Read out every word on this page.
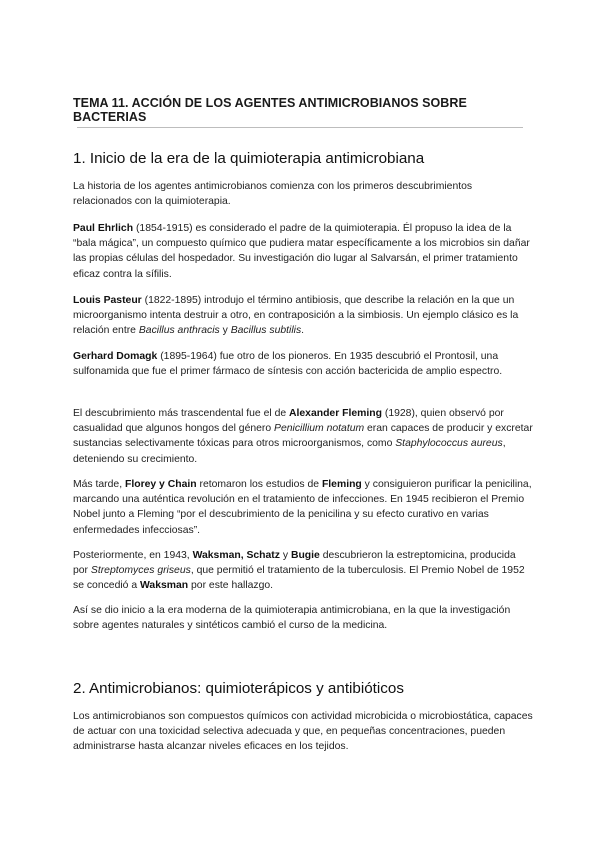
TEMA 11. ACCIÓN DE LOS AGENTES ANTIMICROBIANOS SOBRE BACTERIAS
1. Inicio de la era de la quimioterapia antimicrobiana

La historia de los agentes antimicrobianos comienza con los primeros descubrimientos relacionados con la quimioterapia.

Paul Ehrlich (1854-1915) es considerado el padre de la quimioterapia. Él propuso la idea de la “bala mágica”, un compuesto químico que pudiera matar específicamente a los microbios sin dañar las propias células del hospedador. Su investigación dio lugar al Salvarsán, el primer tratamiento eficaz contra la sífilis.

Louis Pasteur (1822-1895) introdujo el término antibiosis, que describe la relación en la que un microorganismo intenta destruir a otro, en contraposición a la simbiosis. Un ejemplo clásico es la relación entre Bacillus anthracis y Bacillus subtilis.

Gerhard Domagk (1895-1964) fue otro de los pioneros. En 1935 descubrió el Prontosil, una sulfonamida que fue el primer fármaco de síntesis con acción bactericida de amplio espectro.

El descubrimiento más trascendental fue el de Alexander Fleming (1928), quien observó por casualidad que algunos hongos del género Penicillium notatum eran capaces de producir y excretar sustancias selectivamente tóxicas para otros microorganismos, como Staphylococcus aureus, deteniendo su crecimiento.

Más tarde, Florey y Chain retomaron los estudios de Fleming y consiguieron purificar la penicilina, marcando una auténtica revolución en el tratamiento de infecciones. En 1945 recibieron el Premio Nobel junto a Fleming “por el descubrimiento de la penicilina y su efecto curativo en varias enfermedades infecciosas”.

Posteriormente, en 1943, Waksman, Schatz y Bugie descubrieron la estreptomicina, producida por Streptomyces griseus, que permitió el tratamiento de la tuberculosis. El Premio Nobel de 1952 se concedió a Waksman por este hallazgo.

Así se dio inicio a la era moderna de la quimioterapia antimicrobiana, en la que la investigación sobre agentes naturales y sintéticos cambió el curso de la medicina.

2. Antimicrobianos: quimioterápicos y antibióticos

Los antimicrobianos son compuestos químicos con actividad microbicida o microbiostática, capaces de actuar con una toxicidad selectiva adecuada y que, en pequeñas concentraciones, pueden administrarse hasta alcanzar niveles eficaces en los tejidos.
